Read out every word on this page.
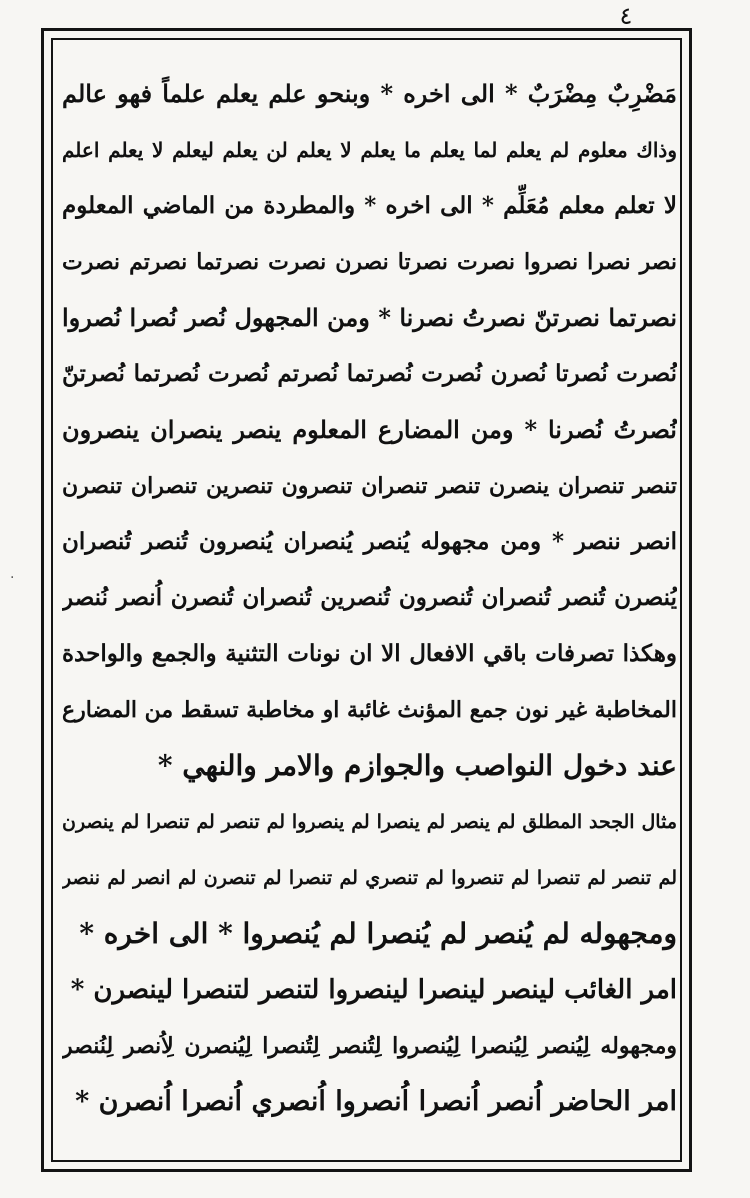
٤
·
مَضْرِبٌ مِضْرَبٌ * الى اخره * وبنحو علم يعلم علماً فهو عالم
وذاك معلوم لم يعلم لما يعلم ما يعلم لا يعلم لن يعلم ليعلم لا يعلم اعلم
لا تعلم معلم مُعَلِّم * الى اخره * والمطردة من الماضي المعلوم
نصر نصرا نصروا نصرت نصرتا نصرن نصرت نصرتما نصرتم نصرت
نصرتما نصرتنّ نصرتُ نصرنا * ومن المجهول نُصر نُصرا نُصروا
نُصرت نُصرتا نُصرن نُصرت نُصرتما نُصرتم نُصرت نُصرتما نُصرتنّ
نُصرتُ نُصرنا * ومن المضارع المعلوم ينصر ينصران ينصرون
تنصر تنصران ينصرن تنصر تنصران تنصرون تنصرين تنصران تنصرن
انصر ننصر * ومن مجهوله يُنصر يُنصران يُنصرون تُنصر تُنصران
يُنصرن تُنصر تُنصران تُنصرون تُنصرين تُنصران تُنصرن اُنصر نُنصر
وهكذا تصرفات باقي الافعال الا ان نونات التثنية والجمع والواحدة
المخاطبة غير نون جمع المؤنث غائبة او مخاطبة تسقط من المضارع
عند دخول النواصب والجوازم والامر والنهي *
مثال الجحد المطلق لم ينصر لم ينصرا لم ينصروا لم تنصر لم تنصرا لم ينصرن
لم تنصر لم تنصرا لم تنصروا لم تنصري لم تنصرا لم تنصرن لم انصر لم ننصر
ومجهوله لم يُنصر لم يُنصرا لم يُنصروا * الى اخره *
امر الغائب لينصر لينصرا لينصروا لتنصر لتنصرا لينصرن *
ومجهوله لِيُنصر لِيُنصرا لِيُنصروا لِتُنصر لِتُنصرا لِيُنصرن لِاُنصر لِنُنصر
امر الحاضر اُنصر اُنصرا اُنصروا اُنصري اُنصرا اُنصرن *
